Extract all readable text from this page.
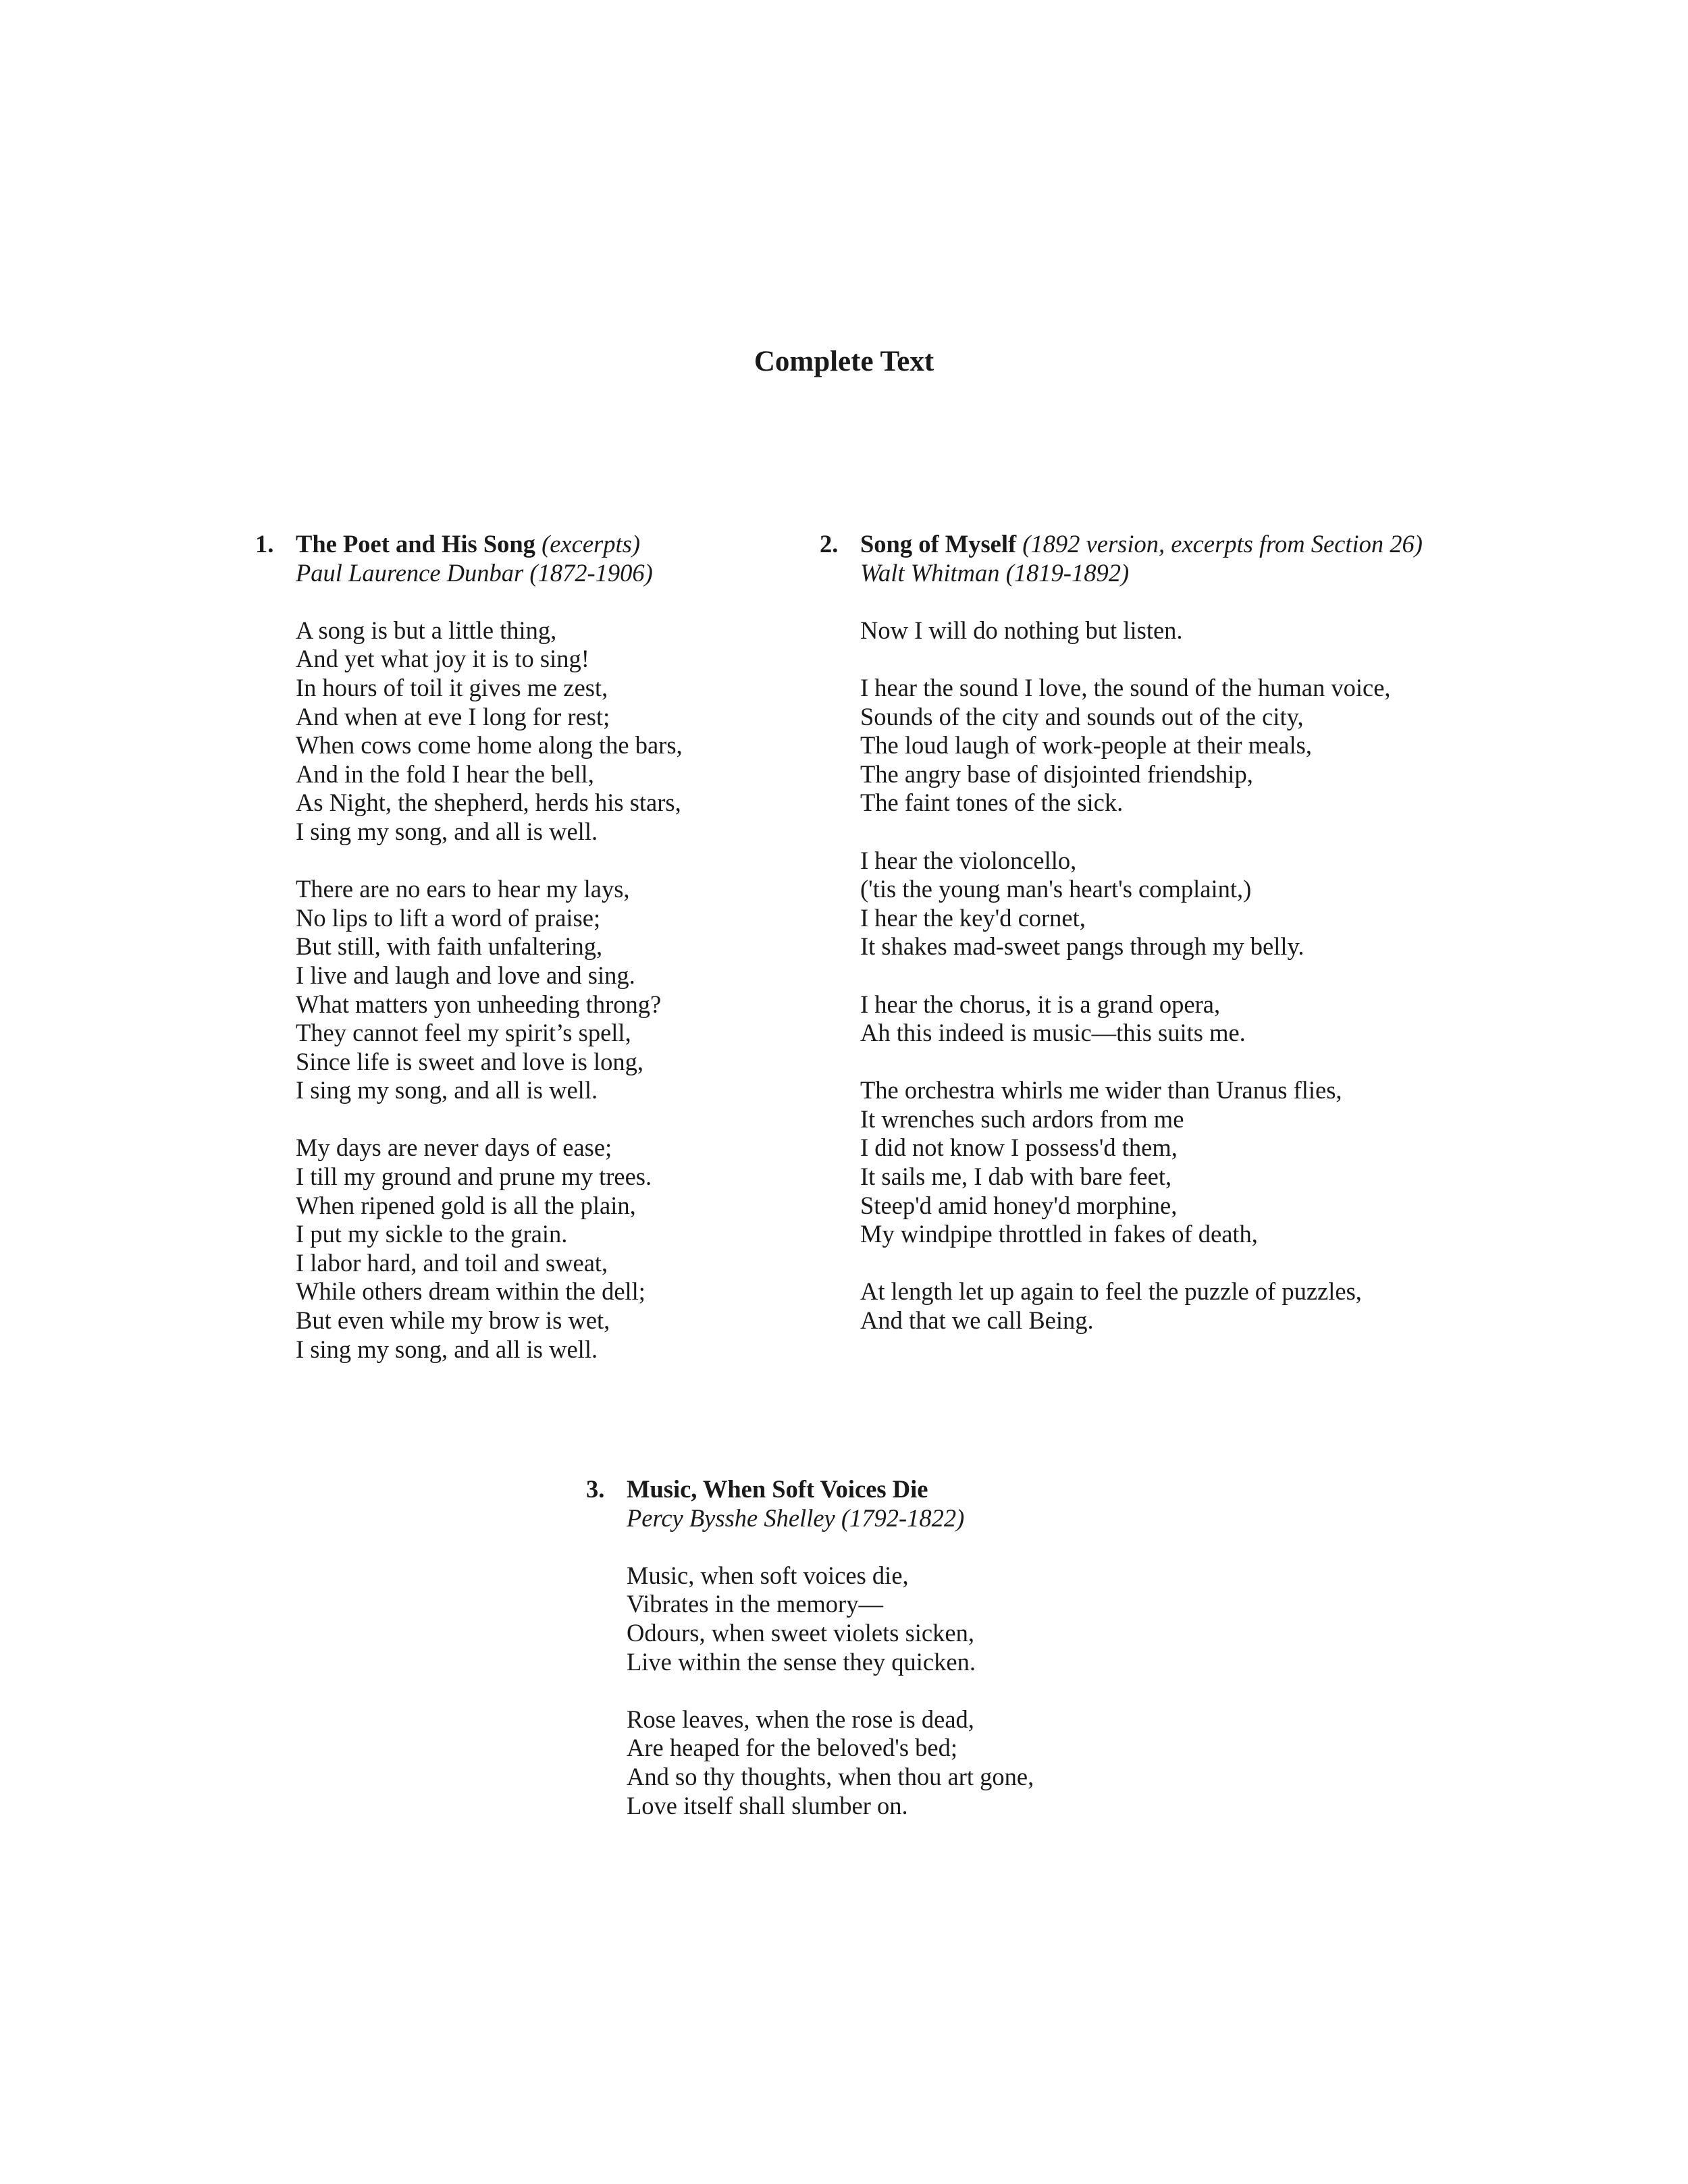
Complete Text
1. The Poet and His Song (excerpts)
Paul Laurence Dunbar (1872-1906)
A song is but a little thing,
And yet what joy it is to sing!
In hours of toil it gives me zest,
And when at eve I long for rest;
When cows come home along the bars,
And in the fold I hear the bell,
As Night, the shepherd, herds his stars,
I sing my song, and all is well.
There are no ears to hear my lays,
No lips to lift a word of praise;
But still, with faith unfaltering,
I live and laugh and love and sing.
What matters yon unheeding throng?
They cannot feel my spirit’s spell,
Since life is sweet and love is long,
I sing my song, and all is well.
My days are never days of ease;
I till my ground and prune my trees.
When ripened gold is all the plain,
I put my sickle to the grain.
I labor hard, and toil and sweat,
While others dream within the dell;
But even while my brow is wet,
I sing my song, and all is well.
2. Song of Myself (1892 version, excerpts from Section 26)
Walt Whitman (1819-1892)
Now I will do nothing but listen.
I hear the sound I love, the sound of the human voice,
Sounds of the city and sounds out of the city,
The loud laugh of work-people at their meals,
The angry base of disjointed friendship,
The faint tones of the sick.
I hear the violoncello,
('tis the young man's heart's complaint,)
I hear the key'd cornet,
It shakes mad-sweet pangs through my belly.
I hear the chorus, it is a grand opera,
Ah this indeed is music—this suits me.
The orchestra whirls me wider than Uranus flies,
It wrenches such ardors from me
I did not know I possess'd them,
It sails me, I dab with bare feet,
Steep'd amid honey'd morphine,
My windpipe throttled in fakes of death,
At length let up again to feel the puzzle of puzzles,
And that we call Being.
3. Music, When Soft Voices Die
Percy Bysshe Shelley (1792-1822)
Music, when soft voices die,
Vibrates in the memory—
Odours, when sweet violets sicken,
Live within the sense they quicken.
Rose leaves, when the rose is dead,
Are heaped for the beloved's bed;
And so thy thoughts, when thou art gone,
Love itself shall slumber on.
